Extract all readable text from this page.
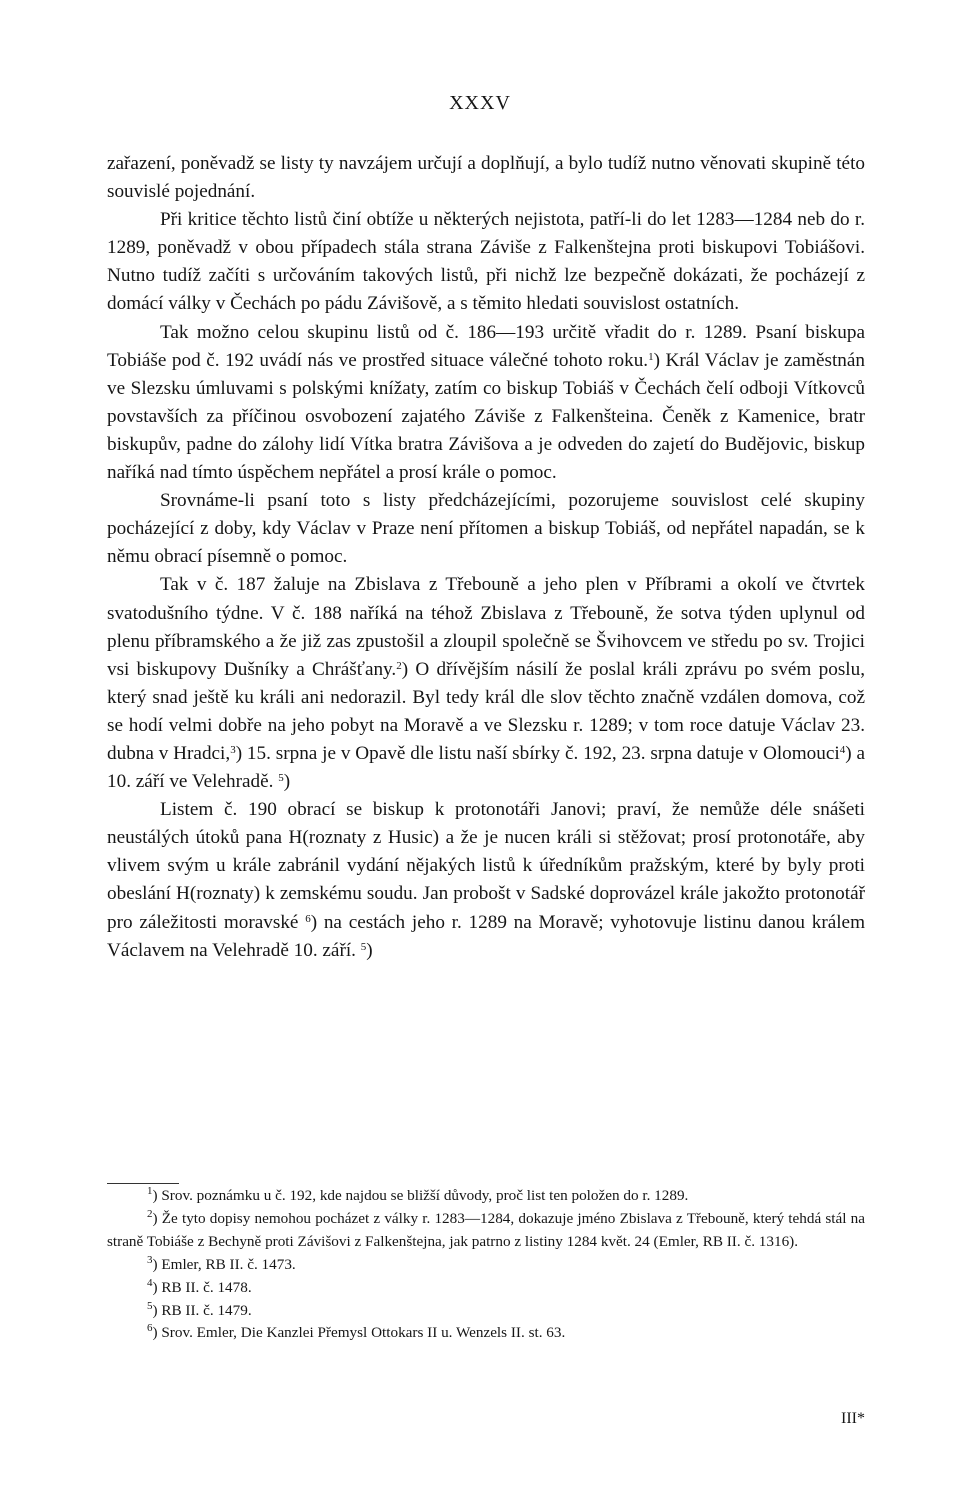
XXXV

zařazení, poněvadž se listy ty navzájem určují a doplňují, a bylo tudíž nutno věnovati skupině této souvislé pojednání.

Při kritice těchto listů činí obtíže u některých nejistota, patří-li do let 1283—1284 neb do r. 1289, poněvadž v obou případech stála strana Záviše z Falkenštejna proti biskupovi Tobiášovi. Nutno tudíž začíti s určováním takových listů, při nichž lze bezpečně dokázati, že pocházejí z domácí války v Čechách po pádu Závišově, a s těmito hledati souvislost ostatních.

Tak možno celou skupinu listů od č. 186—193 určitě vřadit do r. 1289. Psaní biskupa Tobiáše pod č. 192 uvádí nás ve prostřed situace válečné tohoto roku.$^1$) Král Václav je zaměstnán ve Slezsku úmluvami s polskými knížaty, zatím co biskup Tobiáš v Čechách čelí odboji Vítkovců povstavších za příčinou osvobození zajatého Záviše z Falkenšteina. Čeněk z Kamenice, bratr biskupův, padne do zálohy lidí Vítka bratra Závišova a je odveden do zajetí do Budějovic, biskup naříká nad tímto úspěchem nepřátel a prosí krále o pomoc.

Srovnáme-li psaní toto s listy předcházejícími, pozorujeme souvislost celé skupiny pocházející z doby, kdy Václav v Praze není přítomen a biskup Tobiáš, od nepřátel napadán, se k němu obrací písemně o pomoc.

Tak v č. 187 žaluje na Zbislava z Třebouně a jeho plen v Příbrami a okolí ve čtvrtek svatodušního týdne. V č. 188 naříká na téhož Zbislava z Třebouně, že sotva týden uplynul od plenu příbramského a že již zas zpustošil a zloupil společně se Švihovcem ve středu po sv. Trojici vsi biskupovy Dušníky a Chrášťany.$^2$) O dřívějším násilí že poslal králi zprávu po svém poslu, který snad ještě ku králi ani nedorazil. Byl tedy král dle slov těchto značně vzdálen domova, což se hodí velmi dobře na jeho pobyt na Moravě a ve Slezsku r. 1289; v tom roce datuje Václav 23. dubna v Hradci,$^3$) 15. srpna je v Opavě dle listu naší sbírky č. 192, 23. srpna datuje v Olomouci$^4$) a 10. září ve Velehradě. $^5$)

Listem č. 190 obrací se biskup k protonotáři Janovi; praví, že nemůže déle snášeti neustálých útoků pana H(roznaty z Husic) a že je nucen králi si stěžovat; prosí protonotáře, aby vlivem svým u krále zabránil vydání nějakých listů k úředníkům pražským, které by byly proti obeslání H(roznaty) k zemskému soudu. Jan probošt v Sadské doprovázel krále jakožto protonotář pro záležitosti moravské $^6$) na cestách jeho r. 1289 na Moravě; vyhotovuje listinu danou králem Václavem na Velehradě 10. září. $^5$)

$^1$) Srov. poznámku u č. 192, kde najdou se bližší důvody, proč list ten položen do r. 1289.

$^2$) Že tyto dopisy nemohou pocházet z války r. 1283—1284, dokazuje jméno Zbislava z Třebouně, který tehdá stál na straně Tobiáše z Bechyně proti Závišovi z Falkenštejna, jak patrno z listiny 1284 květ. 24 (Emler, RB II. č. 1316).

$^3$) Emler, RB II. č. 1473.

$^4$) RB II. č. 1478.

$^5$) RB II. č. 1479.

$^6$) Srov. Emler, Die Kanzlei Přemysl Ottokars II u. Wenzels II. st. 63.

III*
